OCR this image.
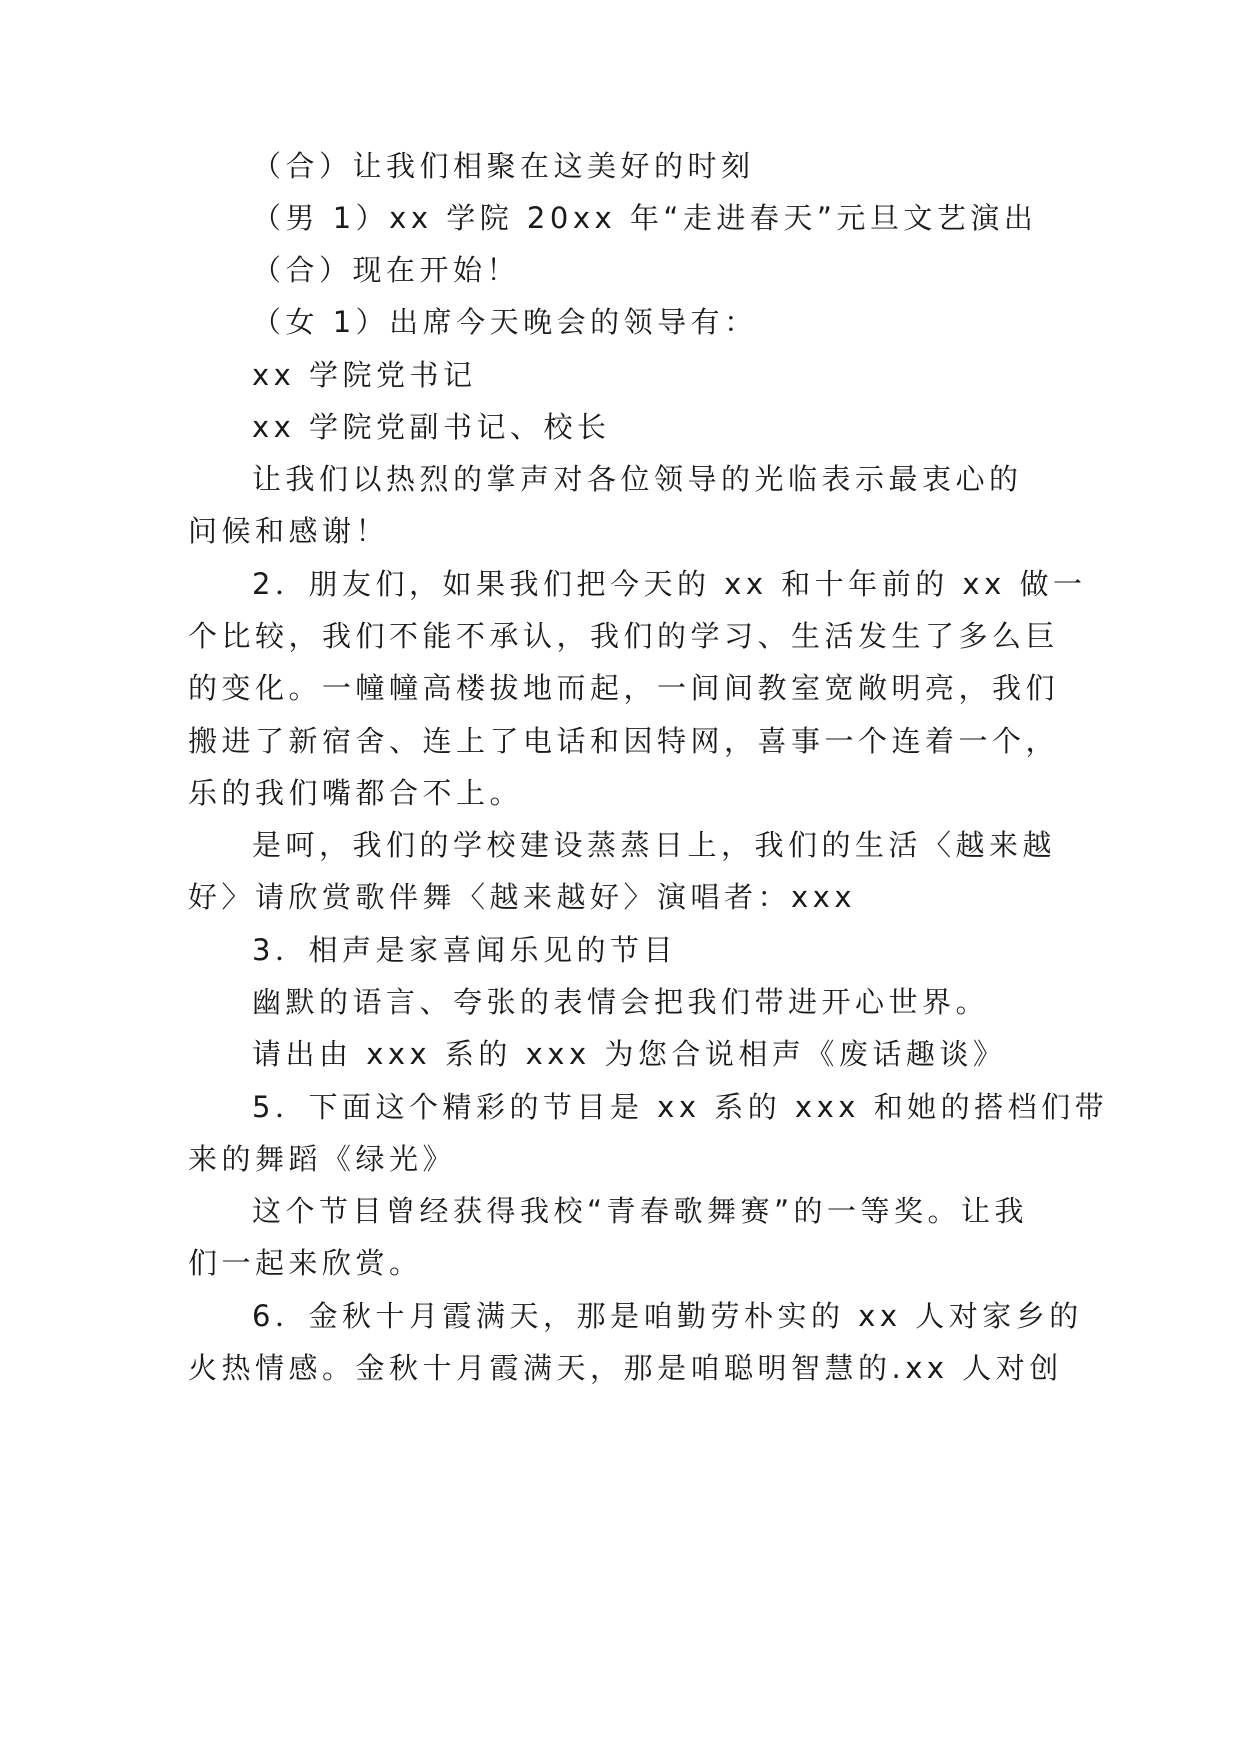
（合）让我们相聚在这美好的时刻
（男 1）xx 学院 20xx 年“走进春天”元旦文艺演出
（合）现在开始！
（女 1）出席今天晚会的领导有：
xx 学院党书记
xx 学院党副书记、校长
让我们以热烈的掌声对各位领导的光临表示最衷心的
问候和感谢！
2．朋友们，如果我们把今天的 xx 和十年前的 xx 做一
个比较，我们不能不承认，我们的学习、生活发生了多么巨
的变化。一幢幢高楼拔地而起，一间间教室宽敞明亮，我们
搬进了新宿舍、连上了电话和因特网，喜事一个连着一个，
乐的我们嘴都合不上。
是呵，我们的学校建设蒸蒸日上，我们的生活〈越来越
好〉请欣赏歌伴舞〈越来越好〉演唱者：xxx
3．相声是家喜闻乐见的节目
幽默的语言、夸张的表情会把我们带进开心世界。
请出由 xxx 系的 xxx 为您合说相声《废话趣谈》
5．下面这个精彩的节目是 xx 系的 xxx 和她的搭档们带
来的舞蹈《绿光》
这个节目曾经获得我校“青春歌舞赛”的一等奖。让我
们一起来欣赏。
6．金秋十月霞满天，那是咱勤劳朴实的 xx 人对家乡的
火热情感。金秋十月霞满天，那是咱聪明智慧的.xx 人对创
